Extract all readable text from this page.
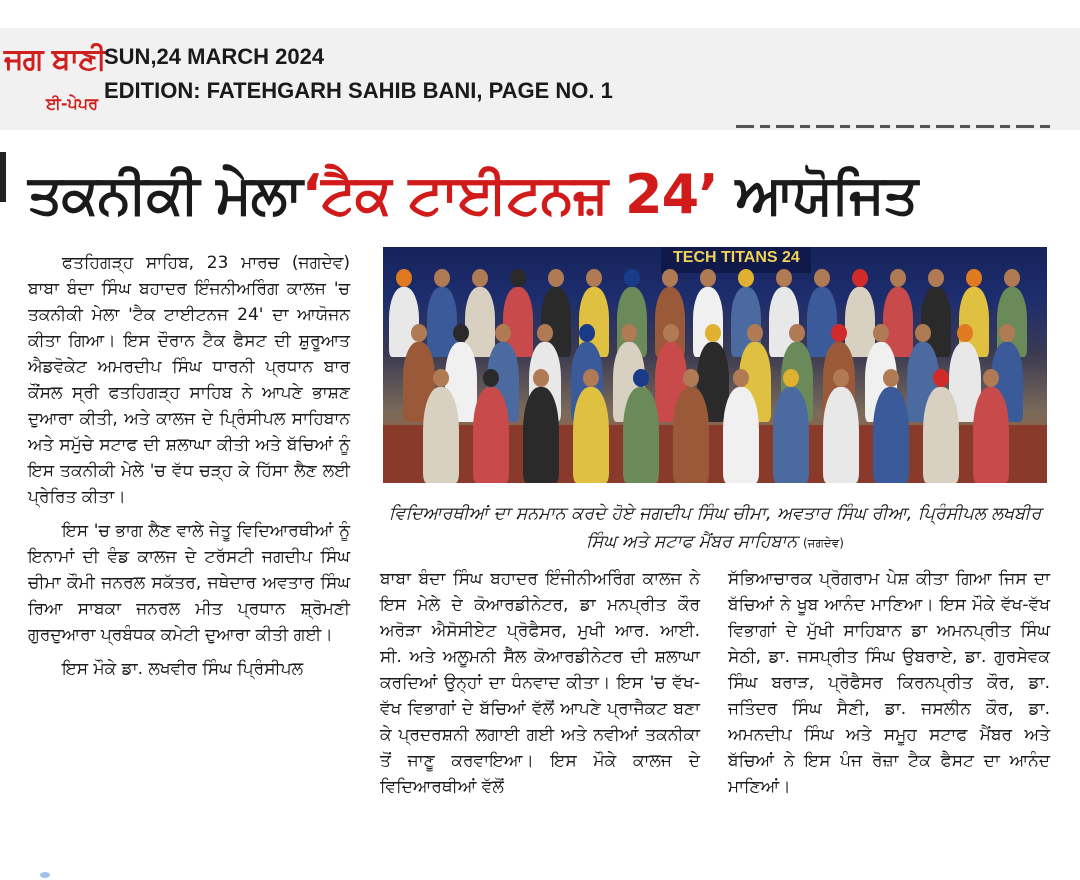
ਜਗ ਬਾਣੀ
ਈ-ਪੇਪਰ
SUN,24 MARCH 2024
EDITION: FATEHGARH SAHIB BANI, PAGE NO. 1
ਤਕਨੀਕੀ ਮੇਲਾ‘ਟੈਕ ਟਾਈਟਨਜ਼ 24’ ਆਯੋਜਿਤ
TECH TITANS 24
ਵਿਦਿਆਰਥੀਆਂ ਦਾ ਸਨਮਾਨ ਕਰਦੇ ਹੋਏ ਜਗਦੀਪ ਸਿੰਘ ਚੀਮਾ, ਅਵਤਾਰ ਸਿੰਘ ਰੀਆ, ਪ੍ਰਿੰਸੀਪਲ ਲਖਬੀਰ ਸਿੰਘ ਅਤੇ ਸਟਾਫ ਮੈਂਬਰ ਸਾਹਿਬਾਨ (ਜਗਦੇਵ)

ਫਤਹਿਗੜ੍ਹ ਸਾਹਿਬ, 23 ਮਾਰਚ (ਜਗਦੇਵ) ਬਾਬਾ ਬੰਦਾ ਸਿੰਘ ਬਹਾਦਰ ਇੰਜਨੀਅਰਿੰਗ ਕਾਲਜ 'ਚ ਤਕਨੀਕੀ ਮੇਲਾ 'ਟੈਕ ਟਾਈਟਨਜ 24' ਦਾ ਆਯੋਜਨ ਕੀਤਾ ਗਿਆ। ਇਸ ਦੌਰਾਨ ਟੈਕ ਫੈਸਟ ਦੀ ਸ਼ੁਰੂਆਤ ਐਡਵੋਕੇਟ ਅਮਰਦੀਪ ਸਿੰਘ ਧਾਰਨੀ ਪ੍ਰਧਾਨ ਬਾਰ ਕੌਂਸਲ ਸ੍ਰੀ ਫਤਹਿਗੜ੍ਹ ਸਾਹਿਬ ਨੇ ਆਪਣੇ ਭਾਸ਼ਣ ਦੁਆਰਾ ਕੀਤੀ, ਅਤੇ ਕਾਲਜ ਦੇ ਪ੍ਰਿੰਸੀਪਲ ਸਾਹਿਬਾਨ ਅਤੇ ਸਮੁੱਚੇ ਸਟਾਫ ਦੀ ਸ਼ਲਾਘਾ ਕੀਤੀ ਅਤੇ ਬੱਚਿਆਂ ਨੂੰ ਇਸ ਤਕਨੀਕੀ ਮੇਲੇ 'ਚ ਵੱਧ ਚੜ੍ਹ ਕੇ ਹਿੱਸਾ ਲੈਣ ਲਈ ਪ੍ਰੇਰਿਤ ਕੀਤਾ।

ਇਸ 'ਚ ਭਾਗ ਲੈਣ ਵਾਲੇ ਜੇਤੂ ਵਿਦਿਆਰਥੀਆਂ ਨੂੰ ਇਨਾਮਾਂ ਦੀ ਵੰਡ ਕਾਲਜ ਦੇ ਟਰੱਸਟੀ ਜਗਦੀਪ ਸਿੰਘ ਚੀਮਾ ਕੌਮੀ ਜਨਰਲ ਸਕੱਤਰ, ਜਥੇਦਾਰ ਅਵਤਾਰ ਸਿੰਘ ਰਿਆ ਸਾਬਕਾ ਜਨਰਲ ਮੀਤ ਪ੍ਰਧਾਨ ਸ਼੍ਰੋਮਣੀ ਗੁਰਦੁਆਰਾ ਪ੍ਰਬੰਧਕ ਕਮੇਟੀ ਦੁਆਰਾ ਕੀਤੀ ਗਈ।

ਇਸ ਮੌਕੇ ਡਾ. ਲਖਵੀਰ ਸਿੰਘ ਪ੍ਰਿੰਸੀਪਲ

ਬਾਬਾ ਬੰਦਾ ਸਿੰਘ ਬਹਾਦਰ ਇੰਜੀਨੀਅਰਿੰਗ ਕਾਲਜ ਨੇ ਇਸ ਮੇਲੇ ਦੇ ਕੋਆਰਡੀਨੇਟਰ, ਡਾ ਮਨਪ੍ਰੀਤ ਕੌਰ ਅਰੋੜਾ ਐਸੋਸੀਏਟ ਪ੍ਰੋਫੈਸਰ, ਮੁਖੀ ਆਰ. ਆਈ. ਸੀ. ਅਤੇ ਅਲੂਮਨੀ ਸੈੱਲ ਕੋਆਰਡੀਨੇਟਰ ਦੀ ਸ਼ਲਾਘਾ ਕਰਦਿਆਂ ਉਨ੍ਹਾਂ ਦਾ ਧੰਨਵਾਦ ਕੀਤਾ। ਇਸ 'ਚ ਵੱਖ-ਵੱਖ ਵਿਭਾਗਾਂ ਦੇ ਬੱਚਿਆਂ ਵੱਲੋਂ ਆਪਣੇ ਪ੍ਰਾਜੈਕਟ ਬਣਾ ਕੇ ਪ੍ਰਦਰਸ਼ਨੀ ਲਗਾਈ ਗਈ ਅਤੇ ਨਵੀਆਂ ਤਕਨੀਕਾ ਤੋਂ ਜਾਣੂ ਕਰਵਾਇਆ। ਇਸ ਮੌਕੇ ਕਾਲਜ ਦੇ ਵਿਦਿਆਰਥੀਆਂ ਵੱਲੋਂ

ਸੱਭਿਆਚਾਰਕ ਪ੍ਰੋਗਰਾਮ ਪੇਸ਼ ਕੀਤਾ ਗਿਆ ਜਿਸ ਦਾ ਬੱਚਿਆਂ ਨੇ ਖੂਬ ਆਨੰਦ ਮਾਣਿਆ। ਇਸ ਮੌਕੇ ਵੱਖ-ਵੱਖ ਵਿਭਾਗਾਂ ਦੇ ਮੁੱਖੀ ਸਾਹਿਬਾਨ ਡਾ ਅਮਨਪ੍ਰੀਤ ਸਿੰਘ ਸੇਠੀ, ਡਾ. ਜਸਪ੍ਰੀਤ ਸਿੰਘ ਉਬਰਾਏ, ਡਾ. ਗੁਰਸੇਵਕ ਸਿੰਘ ਬਰਾੜ, ਪ੍ਰੋਫੈਸਰ ਕਿਰਨਪ੍ਰੀਤ ਕੌਰ, ਡਾ. ਜਤਿੰਦਰ ਸਿੰਘ ਸੈਣੀ, ਡਾ. ਜਸਲੀਨ ਕੌਰ, ਡਾ. ਅਮਨਦੀਪ ਸਿੰਘ ਅਤੇ ਸਮੂਹ ਸਟਾਫ ਮੈਂਬਰ ਅਤੇ ਬੱਚਿਆਂ ਨੇ ਇਸ ਪੰਜ ਰੋਜ਼ਾ ਟੈਕ ਫੈਸਟ ਦਾ ਆਨੰਦ ਮਾਣਿਆਂ।
